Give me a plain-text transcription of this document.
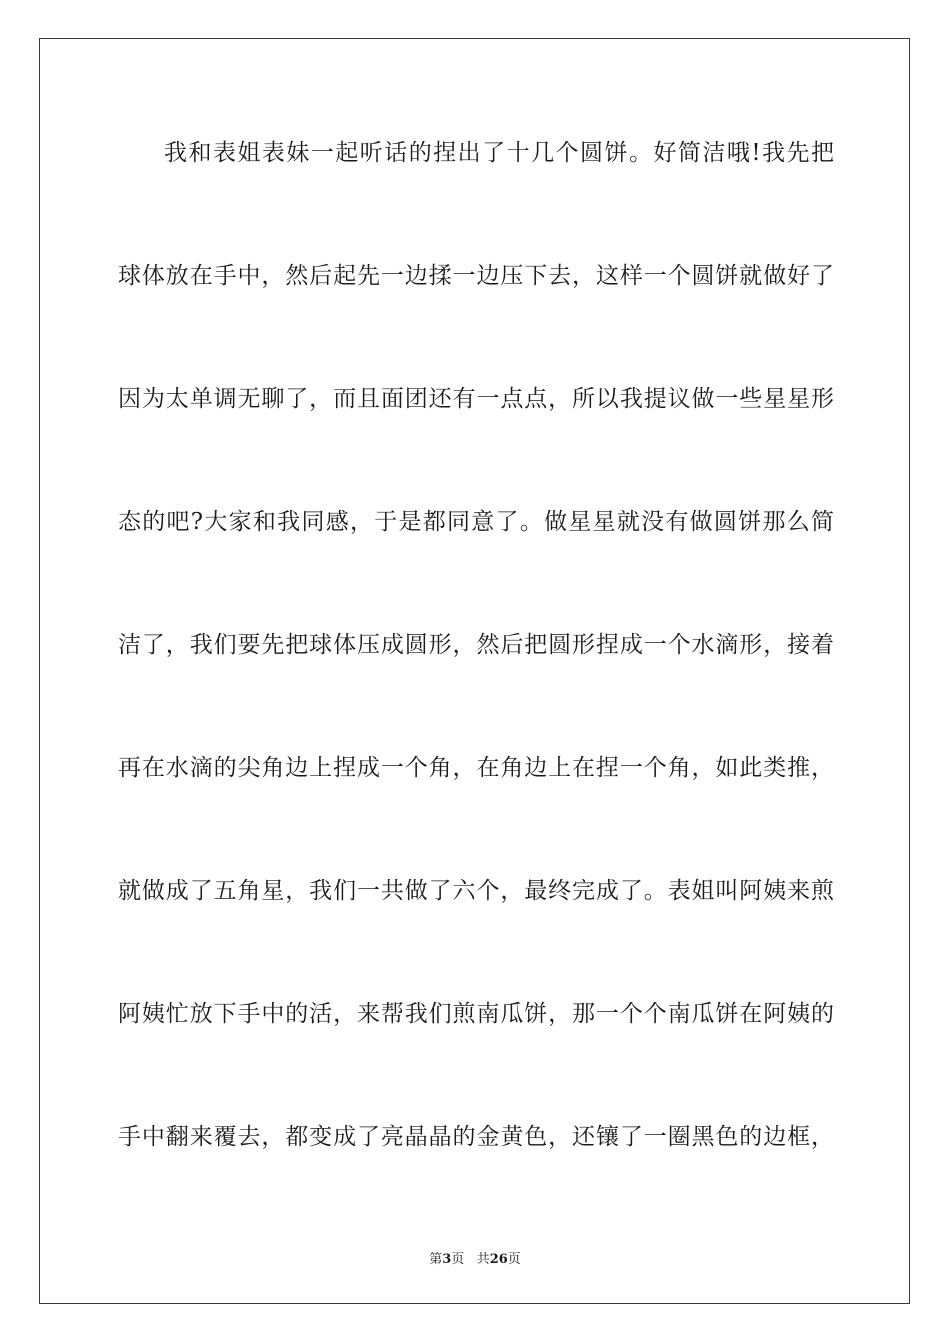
我和表姐表妹一起听话的捏出了十几个圆饼。好简洁哦!我先把
球体放在手中，然后起先一边揉一边压下去，这样一个圆饼就做好了
因为太单调无聊了，而且面团还有一点点，所以我提议做一些星星形
态的吧?大家和我同感，于是都同意了。做星星就没有做圆饼那么简
洁了，我们要先把球体压成圆形，然后把圆形捏成一个水滴形，接着
再在水滴的尖角边上捏成一个角，在角边上在捏一个角，如此类推，
就做成了五角星，我们一共做了六个，最终完成了。表姐叫阿姨来煎
阿姨忙放下手中的活，来帮我们煎南瓜饼，那一个个南瓜饼在阿姨的
手中翻来覆去，都变成了亮晶晶的金黄色，还镶了一圈黑色的边框，
第3页 共26页
